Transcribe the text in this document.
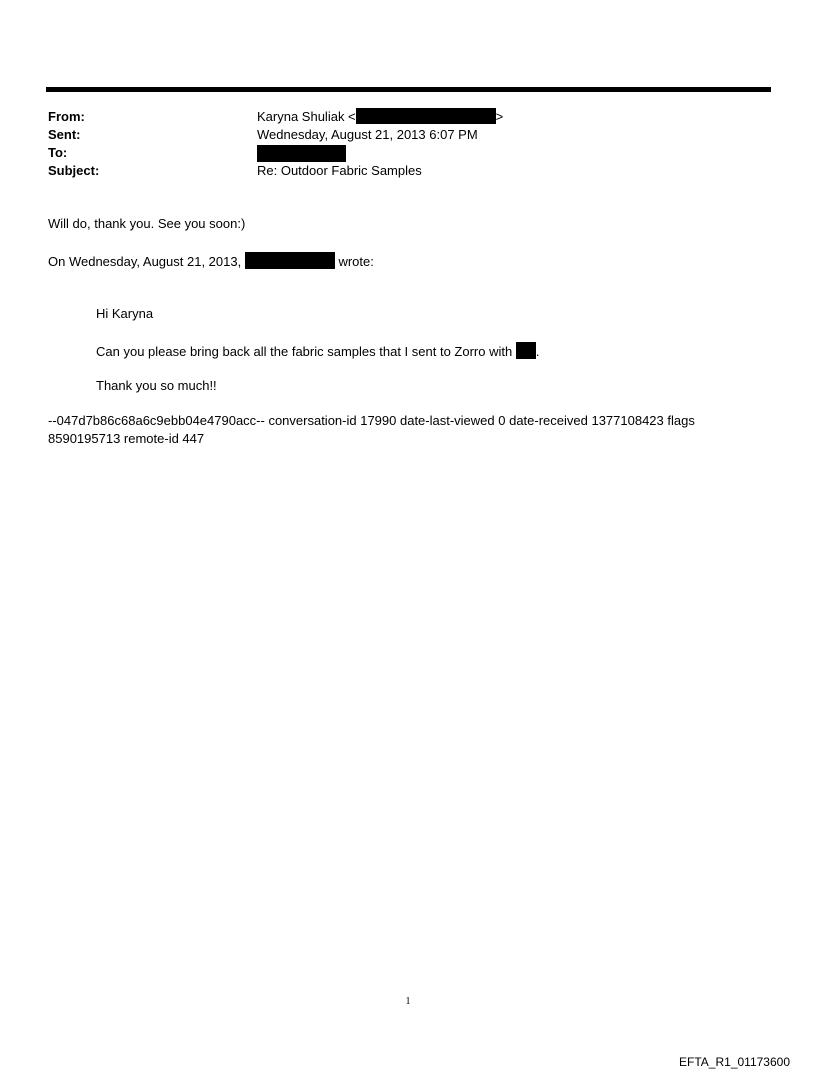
From:	Karyna Shuliak <	>
Sent:	Wednesday, August 21, 2013 6:07 PM
To:
Subject:	Re: Outdoor Fabric Samples
Will do, thank you. See you soon:)
On Wednesday, August 21, 2013,	wrote:
Hi Karyna
Can you please bring back all the fabric samples that I sent to Zorro with .
Thank you so much!!
--047d7b86c68a6c9ebb04e4790acc-- conversation-id 17990 date-last-viewed 0 date-received 1377108423 flags 8590195713 remote-id 447
1
EFTA_R1_01173600
